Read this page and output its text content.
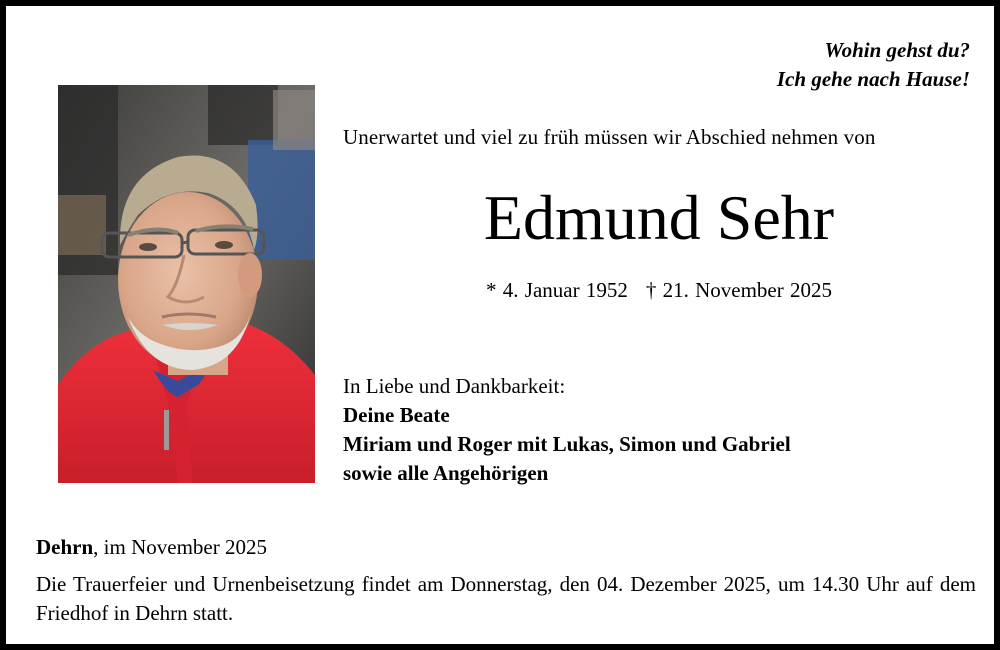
Wohin gehst du?
Ich gehe nach Hause!
Unerwartet und viel zu früh müssen wir Abschied nehmen von
Edmund Sehr
* 4. Januar 1952 † 21. November 2025
In Liebe und Dankbarkeit:
Deine Beate
Miriam und Roger mit Lukas, Simon und Gabriel
sowie alle Angehörigen
Dehrn, im November 2025
Die Trauerfeier und Urnenbeisetzung findet am Donnerstag, den 04. Dezember 2025, um 14.30 Uhr auf dem Friedhof in Dehrn statt.
